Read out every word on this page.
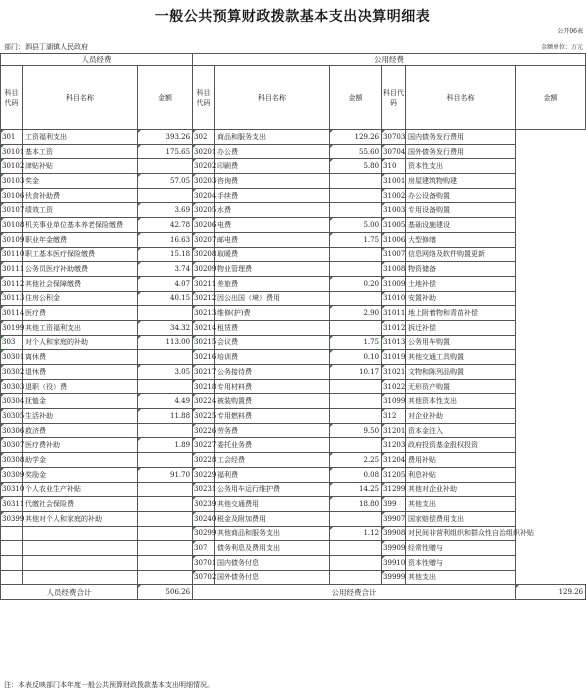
一般公共预算财政拨款基本支出决算明细表
公开06表
部门：泗县丁湖镇人民政府	金额单位：万元
人员经费			公用经费					
科目代码	科目名称	金额	科目代码	科目名称	金额	科目代码	科目名称	金额
301	工资福利支出	393.26	302	商品和服务支出	129.26	30703	国内债务发行费用	
30101	基本工资	175.65	30201	办公费	55.60	30704	国外债务发行费用	
30102	津贴补贴		30202	印刷费	5.80	310	资本性支出	
30103	奖金	57.05	30203	咨询费		31001	房屋建筑物购建	
30106	伙食补助费		30204	手续费		31002	办公设备购置	
30107	绩效工资	3.69	30205	水费		31003	专用设备购置	
30108	机关事业单位基本养老保险缴费	42.78	30206	电费	5.00	31005	基础设施建设	
30109	职业年金缴费	16.63	30207	邮电费	1.75	31006	大型修缮	
30110	职工基本医疗保险缴费	15.18	30208	取暖费		31007	信息网络及软件购置更新	
30111	公务员医疗补助缴费	3.74	30209	物业管理费		31008	物资储备	
30112	其他社会保障缴费	4.07	30211	差旅费	0.20	31009	土地补偿	
30113	住房公积金	40.15	30212	因公出国（境）费用		31010	安置补助	
30114	医疗费		30213	维修(护)费	2.90	31011	地上附着物和青苗补偿	
30199	其他工资福利支出	34.32	30214	租赁费		31012	拆迁补偿	
303	对个人和家庭的补助	113.00	30215	会议费	1.75	31013	公务用车购置	
30301	离休费		30216	培训费	0.10	31019	其他交通工具购置	
30302	退休费	3.05	30217	公务接待费	10.17	31021	文物和陈列品购置	
30303	退职（役）费		30218	专用材料费		31022	无形资产购置	
30304	抚恤金	4.49	30224	被装购置费		31099	其他资本性支出	
30305	生活补助	11.88	30225	专用燃料费		312	对企业补助	
30306	救济费		30226	劳务费	9.50	31201	资本金注入	
30307	医疗费补助	1.89	30227	委托业务费		31203	政府投资基金股权投资	
30308	助学金		30228	工会经费	2.25	31204	费用补贴	
30309	奖励金	91.70	30229	福利费	0.08	31205	利息补贴	
30310	个人农业生产补贴		30231	公务用车运行维护费	14.25	31299	其他对企业补助	
30311	代缴社会保险费		30239	其他交通费用	18.80	399	其他支出	
30399	其他对个人和家庭的补助		30240	税金及附加费用		39907	国家赔偿费用支出	
			30299	其他商品和服务支出	1.12	39908	对民间非营利组织和群众性自治组织补贴	
			307	债务利息及费用支出		39909	经常性赠与	
			30701	国内债务付息		39910	资本性赠与	
			30702	国外债务付息		39999	其他支出	
人员经费合计		506.26	公用经费合计					129.26
注：本表反映部门本年度一般公共预算财政拨款基本支出明细情况。
